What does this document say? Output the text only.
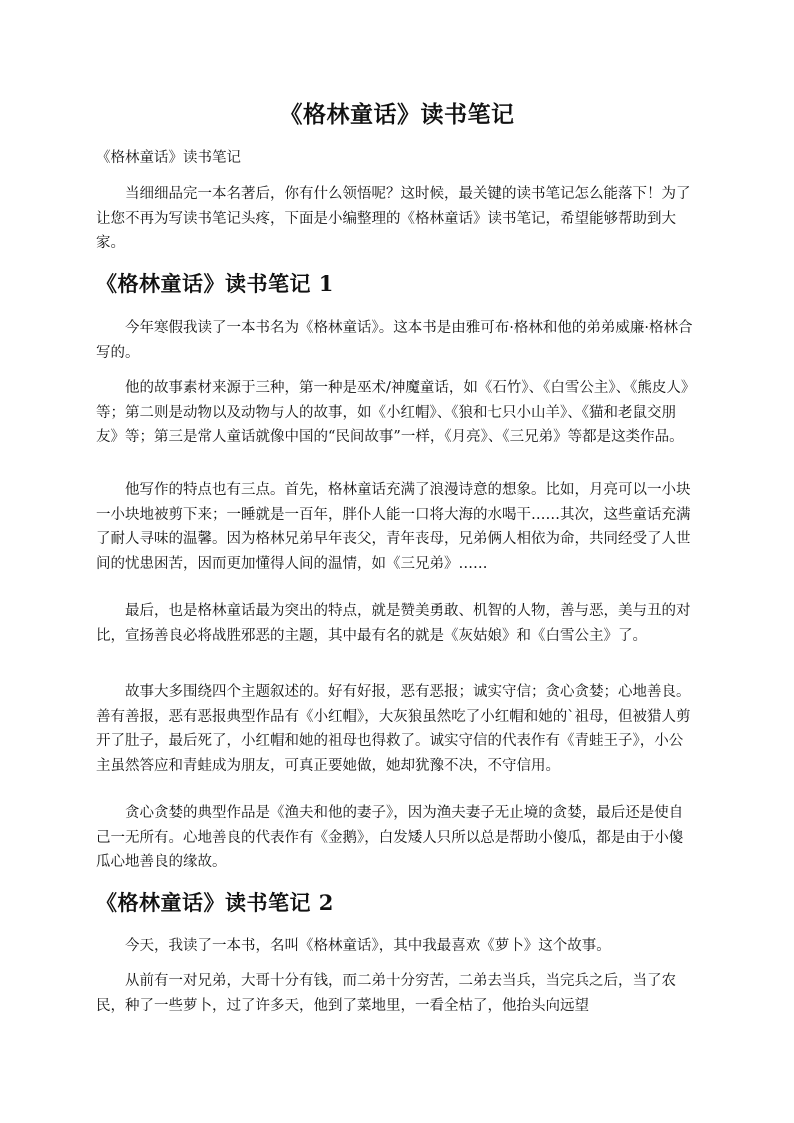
《格林童话》读书笔记

《格林童话》读书笔记

当细细品完一本名著后，你有什么领悟呢？这时候，最关键的读书笔记怎么能落下！为了让您不再为写读书笔记头疼，下面是小编整理的《格林童话》读书笔记，希望能够帮助到大家。

《格林童话》读书笔记 1

今年寒假我读了一本书名为《格林童话》。这本书是由雅可布·格林和他的弟弟威廉·格林合写的。

他的故事素材来源于三种，第一种是巫术/神魔童话，如《石竹》、《白雪公主》、《熊皮人》等；第二则是动物以及动物与人的故事，如《小红帽》、《狼和七只小山羊》、《猫和老鼠交朋友》等；第三是常人童话就像中国的“民间故事”一样，《月亮》、《三兄弟》等都是这类作品。

他写作的特点也有三点。首先，格林童话充满了浪漫诗意的想象。比如，月亮可以一小块一小块地被剪下来；一睡就是一百年，胖仆人能一口将大海的水喝干……其次，这些童话充满了耐人寻味的温馨。因为格林兄弟早年丧父，青年丧母，兄弟俩人相依为命，共同经受了人世间的忧患困苦，因而更加懂得人间的温情，如《三兄弟》……

最后，也是格林童话最为突出的特点，就是赞美勇敢、机智的人物，善与恶，美与丑的对比，宣扬善良必将战胜邪恶的主题，其中最有名的就是《灰姑娘》和《白雪公主》了。

故事大多围绕四个主题叙述的。好有好报，恶有恶报；诚实守信；贪心贪婪；心地善良。善有善报，恶有恶报典型作品有《小红帽》，大灰狼虽然吃了小红帽和她的`祖母，但被猎人剪开了肚子，最后死了，小红帽和她的祖母也得救了。诚实守信的代表作有《青蛙王子》，小公主虽然答应和青蛙成为朋友，可真正要她做，她却犹豫不决，不守信用。

贪心贪婪的典型作品是《渔夫和他的妻子》，因为渔夫妻子无止境的贪婪，最后还是使自己一无所有。心地善良的代表作有《金鹅》，白发矮人只所以总是帮助小傻瓜，都是由于小傻瓜心地善良的缘故。

《格林童话》读书笔记 2

今天，我读了一本书，名叫《格林童话》，其中我最喜欢《萝卜》这个故事。

从前有一对兄弟，大哥十分有钱，而二弟十分穷苦，二弟去当兵，当完兵之后，当了农民，种了一些萝卜，过了许多天，他到了菜地里，一看全枯了，他抬头向远望
